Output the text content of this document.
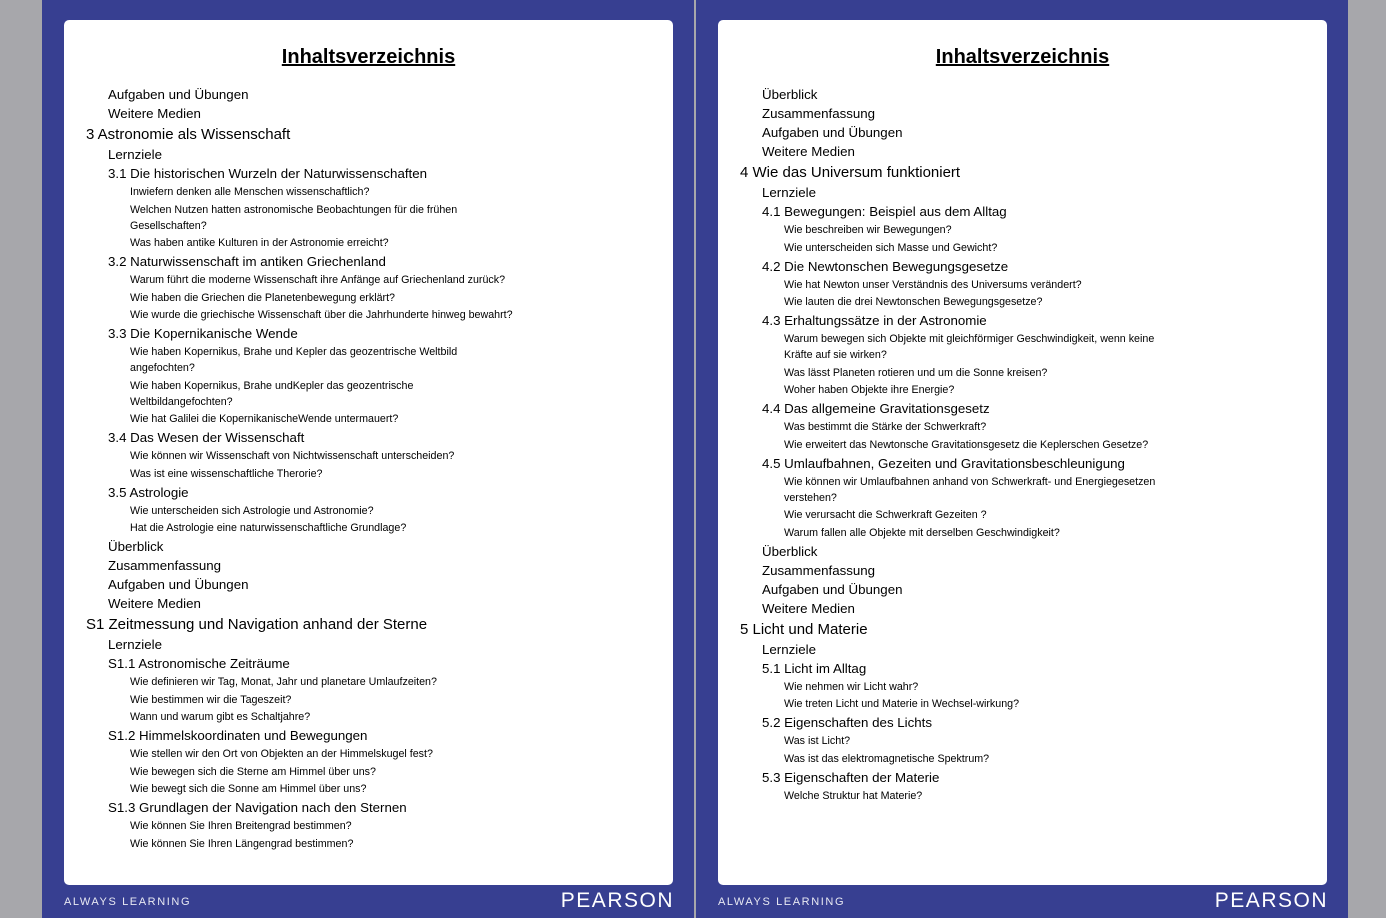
Inhaltsverzeichnis
Aufgaben und Übungen
Weitere Medien
3 Astronomie als Wissenschaft
Lernziele
3.1 Die historischen Wurzeln der Naturwissenschaften
Inwiefern denken alle Menschen wissenschaftlich?
Welchen Nutzen hatten astronomische Beobachtungen für die frühen Gesellschaften?
Was haben antike Kulturen in der Astronomie erreicht?
3.2 Naturwissenschaft im antiken Griechenland
Warum führt die moderne Wissenschaft ihre Anfänge auf Griechenland zurück?
Wie haben die Griechen die Planetenbewegung erklärt?
Wie wurde die griechische Wissenschaft über die Jahrhunderte hinweg bewahrt?
3.3 Die Kopernikanische Wende
Wie haben Kopernikus, Brahe und Kepler das geozentrische Weltbild angefochten?
Wie haben Kopernikus, Brahe undKepler das geozentrische Weltbildangefochten?
Wie hat Galilei die KopernikanischeWende untermauert?
3.4 Das Wesen der Wissenschaft
Wie können wir Wissenschaft von Nichtwissenschaft unterscheiden?
Was ist eine wissenschaftliche Therorie?
3.5 Astrologie
Wie unterscheiden sich Astrologie und Astronomie?
Hat die Astrologie eine naturwissenschaftliche Grundlage?
Überblick
Zusammenfassung
Aufgaben und Übungen
Weitere Medien
S1 Zeitmessung und Navigation anhand der Sterne
Lernziele
S1.1 Astronomische Zeiträume
Wie definieren wir Tag, Monat, Jahr und planetare Umlaufzeiten?
Wie bestimmen wir die Tageszeit?
Wann und warum gibt es Schaltjahre?
S1.2 Himmelskoordinaten und Bewegungen
Wie stellen wir den Ort von Objekten an der Himmelskugel fest?
Wie bewegen sich die Sterne am Himmel über uns?
Wie bewegt sich die Sonne am Himmel über uns?
S1.3 Grundlagen der Navigation nach den Sternen
Wie können Sie Ihren Breitengrad bestimmen?
Wie können Sie Ihren Längengrad bestimmen?
ALWAYS LEARNING	PEARSON
Inhaltsverzeichnis
Überblick
Zusammenfassung
Aufgaben und Übungen
Weitere Medien
4 Wie das Universum funktioniert
Lernziele
4.1 Bewegungen: Beispiel aus dem Alltag
Wie beschreiben wir Bewegungen?
Wie unterscheiden sich Masse und Gewicht?
4.2 Die Newtonschen Bewegungsgesetze
Wie hat Newton unser Verständnis des Universums verändert?
Wie lauten die drei Newtonschen Bewegungsgesetze?
4.3 Erhaltungssätze in der Astronomie
Warum bewegen sich Objekte mit gleichförmiger Geschwindigkeit, wenn keine Kräfte auf sie wirken?
Was lässt Planeten rotieren und um die Sonne kreisen?
Woher haben Objekte ihre Energie?
4.4 Das allgemeine Gravitationsgesetz
Was bestimmt die Stärke der Schwerkraft?
Wie erweitert das Newtonsche Gravitationsgesetz die Keplerschen Gesetze?
4.5 Umlaufbahnen, Gezeiten und Gravitationsbeschleunigung
Wie können wir Umlaufbahnen anhand von Schwerkraft- und Energiegesetzen verstehen?
Wie verursacht die Schwerkraft Gezeiten ?
Warum fallen alle Objekte mit derselben Geschwindigkeit?
Überblick
Zusammenfassung
Aufgaben und Übungen
Weitere Medien
5 Licht und Materie
Lernziele
5.1 Licht im Alltag
Wie nehmen wir Licht wahr?
Wie treten Licht und Materie in Wechsel-wirkung?
5.2 Eigenschaften des Lichts
Was ist Licht?
Was ist das elektromagnetische Spektrum?
5.3 Eigenschaften der Materie
Welche Struktur hat Materie?
ALWAYS LEARNING	PEARSON
